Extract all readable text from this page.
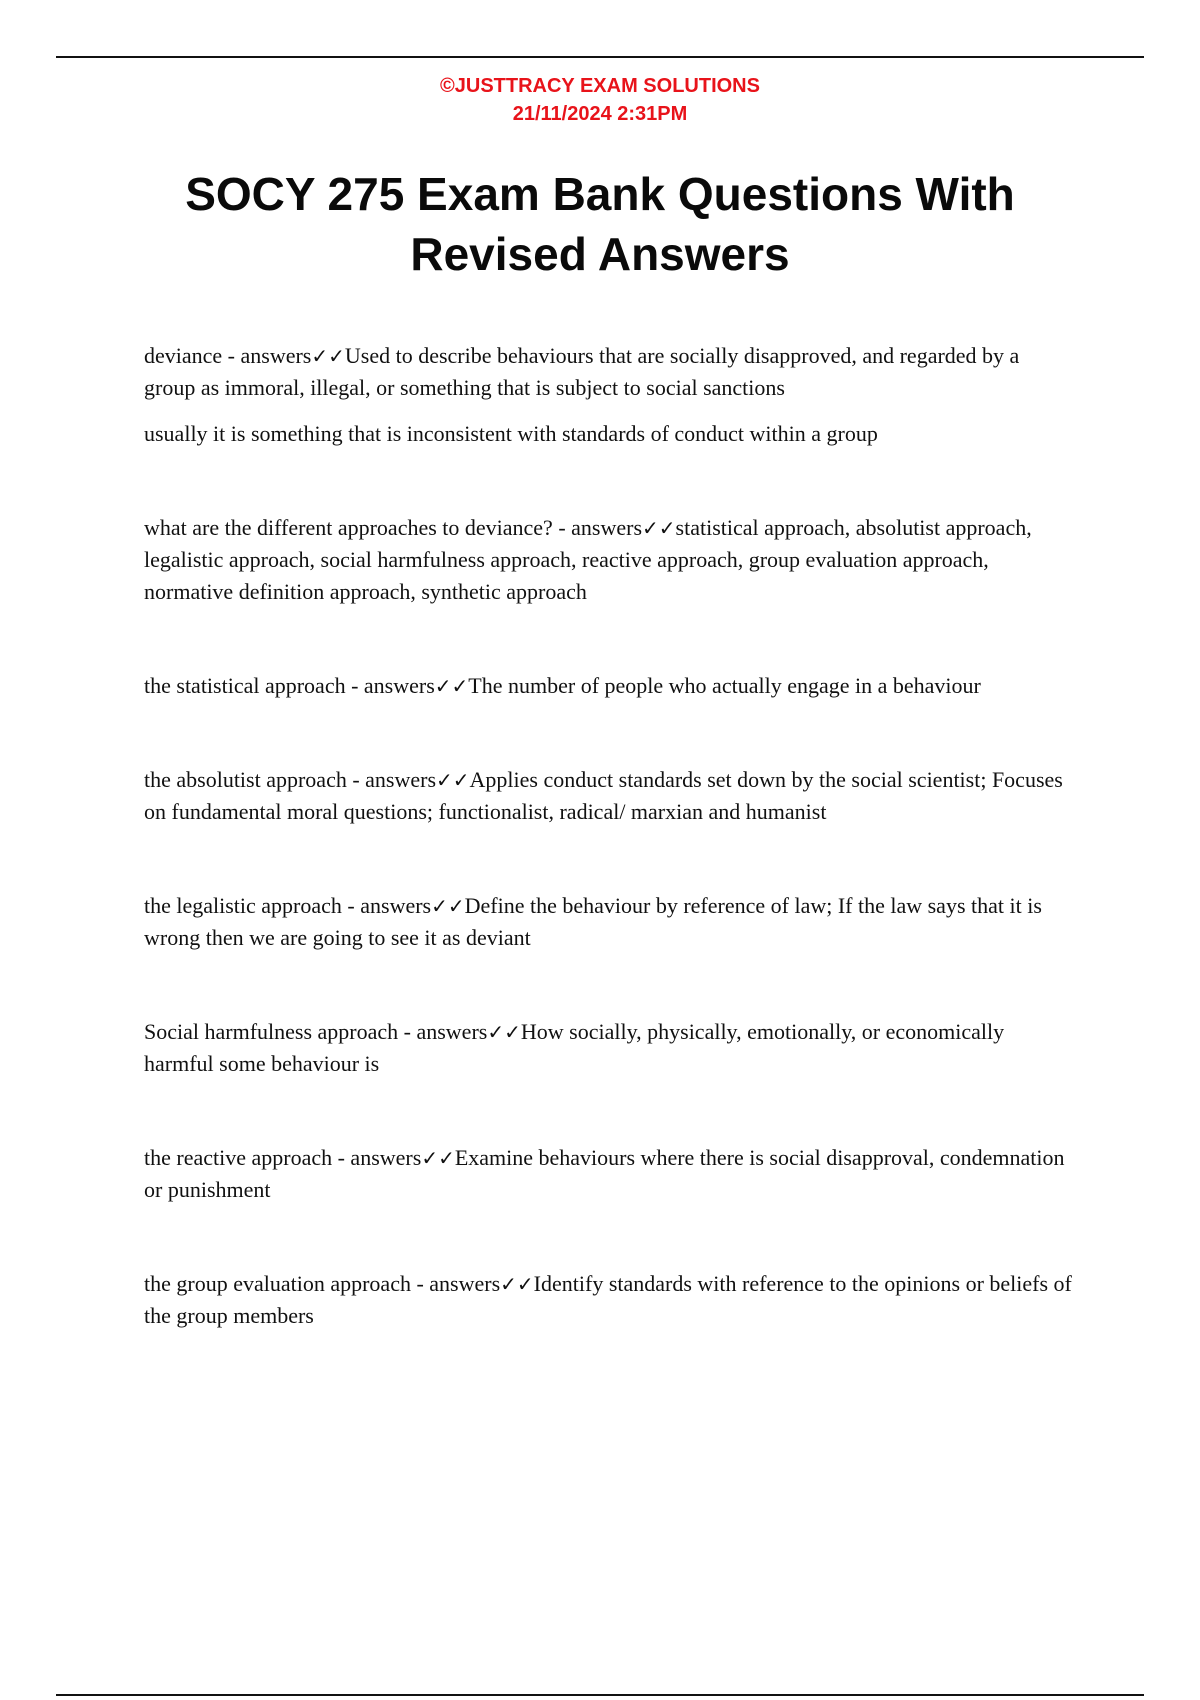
©JUSTTRACY EXAM SOLUTIONS
21/11/2024 2:31PM
SOCY 275 Exam Bank Questions With Revised Answers

deviance - answers✓✓Used to describe behaviours that are socially disapproved, and regarded by a group as immoral, illegal, or something that is subject to social sanctions

usually it is something that is inconsistent with standards of conduct within a group

what are the different approaches to deviance? - answers✓✓statistical approach, absolutist approach, legalistic approach, social harmfulness approach, reactive approach, group evaluation approach, normative definition approach, synthetic approach

the statistical approach - answers✓✓The number of people who actually engage in a behaviour

the absolutist approach - answers✓✓Applies conduct standards set down by the social scientist; Focuses on fundamental moral questions; functionalist, radical/ marxian and humanist

the legalistic approach - answers✓✓Define the behaviour by reference of law; If the law says that it is wrong then we are going to see it as deviant

Social harmfulness approach - answers✓✓How socially, physically, emotionally, or economically harmful some behaviour is

the reactive approach - answers✓✓Examine behaviours where there is social disapproval, condemnation or punishment

the group evaluation approach - answers✓✓Identify standards with reference to the opinions or beliefs of the group members
